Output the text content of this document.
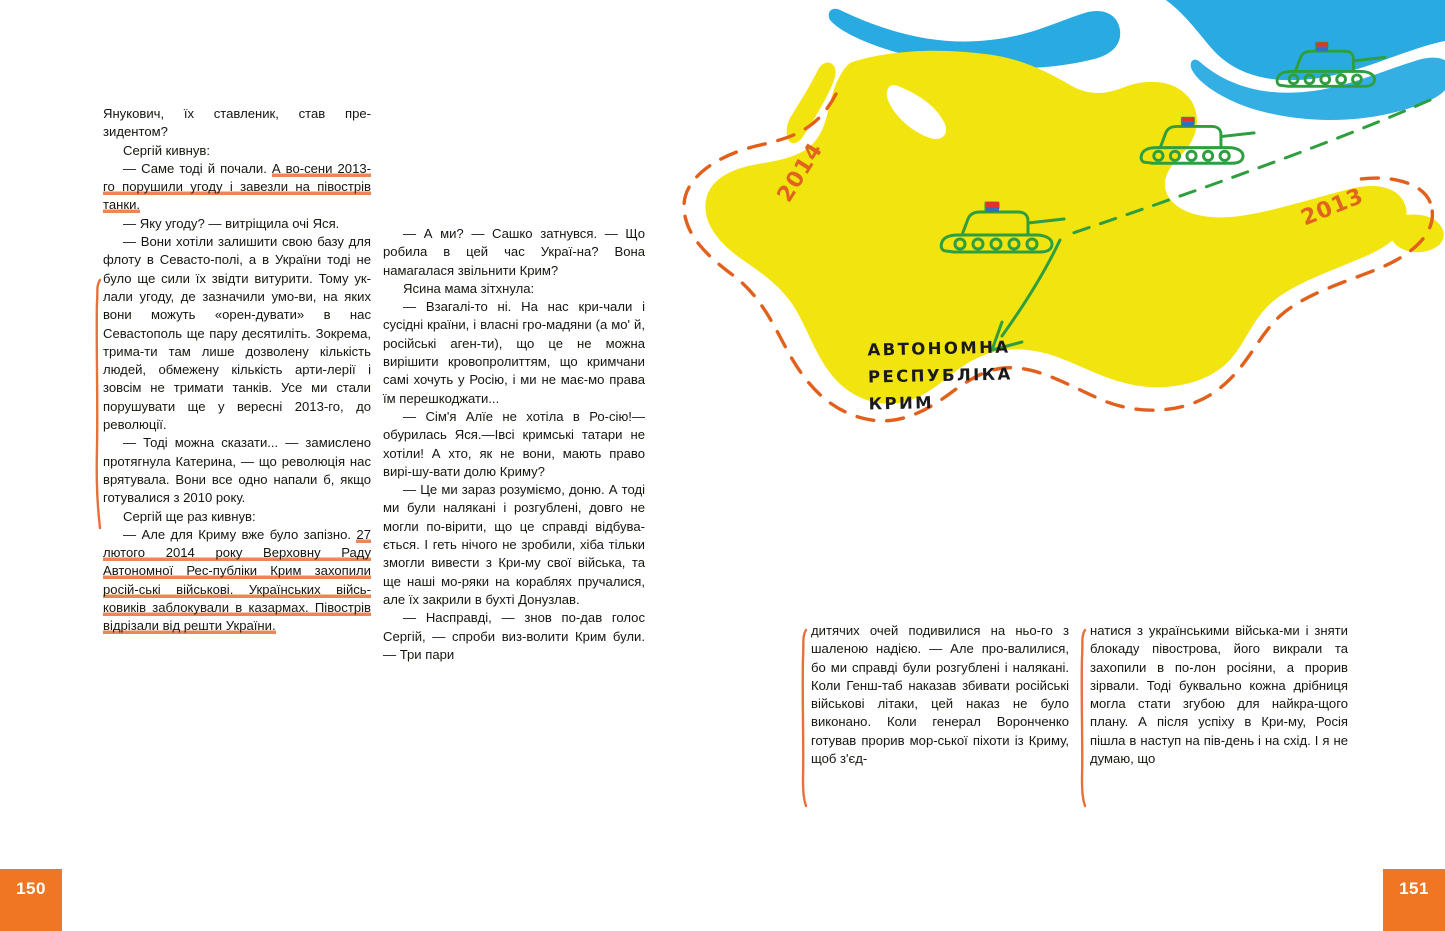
Янукович, їх ставленик, став пре-зидентом?

Сергій кивнув:

— Саме тоді й почали. А во-сени 2013-го порушили угоду і завезли на півострів танки.

— Яку угоду? — витріщила очі Яся.

— Вони хотіли залишити свою базу для флоту в Севасто-полі, а в України тоді не було ще сили їх звідти витурити. Тому ук-лали угоду, де зазначили умо-ви, на яких вони можуть «орен-дувати» в нас Севастополь ще пару десятиліть. Зокрема, трима-ти там лише дозволену кількість людей, обмежену кількість арти-лерії і зовсім не тримати танків. Усе ми стали порушувати ще у вересні 2013-го, до революції.

— Тоді можна сказати... — замислено протягнула Катерина, — що революція нас врятувала. Вони все одно напали б, якщо готувалися з 2010 року.

Сергій ще раз кивнув:

— Але для Криму вже було запізно. 27 лютого 2014 року Верховну Раду Автономної Рес-публіки Крим захопили росій-ські військові. Українських війсь-ковиків заблокували в казармах. Півострів відрізали від решти України.

— А ми? — Сашко затнувся. — Що робила в цей час Украї-на? Вона намагалася звільнити Крим?

Ясина мама зітхнула:

— Взагалі-то ні. На нас кри-чали і сусідні країни, і власні гро-мадяни (а мо' й, російські аген-ти), що це не можна вирішити кровопролиттям, що кримчани самі хочуть у Росію, і ми не має-мо права їм перешкоджати...

— Сім'я Алїе не хотіла в Ро-сію!—обурилась Яся.—Івсі кримські татари не хотіли! А хто, як не вони, мають право вирі-шу-вати долю Криму?

— Це ми зараз розуміємо, доню. А тоді ми були налякані і розгублені, довго не могли по-вірити, що це справді відбува-ється. І геть нічого не зробили, хіба тільки змогли вивести з Кри-му свої війська, та ще наші мо-ряки на кораблях пручалися, але їх закрили в бухті Донузлав.

— Насправді, — знов по-дав голос Сергій, — спроби виз-волити Крим були. — Три пари

150	151

дитячих очей подивилися на ньо-го з шаленою надією. — Але про-валилися, бо ми справді були розгублені і налякані. Коли Генш-таб наказав збивати російські військові літаки, цей наказ не було виконано. Коли генерал Воронченко готував прорив мор-ської піхоти із Криму, щоб з'єд-

натися з українськими війська-ми і зняти блокаду півострова, його викрали та захопили в по-лон росіяни, а прорив зірвали. Тоді буквально кожна дрібниця могла стати згубою для найкра-щого плану. А після успіху в Кри-му, Росія пішла в наступ на пів-день і на схід. І я не думаю, що

АВТОНОМНА
РЕСПУБЛІКА
КРИМ
2014
2013
